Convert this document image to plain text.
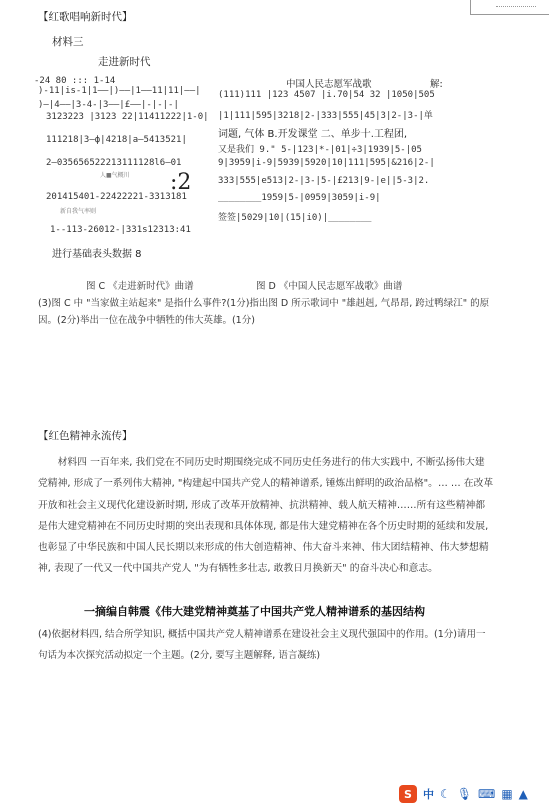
【红歌唱响新时代】
材料三
走进新时代
-24 80 ::: 1-14
)-11|is-1|1——|)——|1——11|11|——|
)—|4——|3-4-|3——|£——|-|-|-|
3123223 |3123 22|11411222|1-0|
111218|3—ф|4218|a—5413521|
2—035656522213111128l6—01
人■气概川 :2
201415401-22422221-3313181
新自我气率则
1--113-26012-|331s12313:41
进行基础表头数据 8
中国人民志愿军战歌	解:
(111)111 |123 4507 |i.70|54 32 |1050|505
|1|111|595|3218|2-|333|555|45|3|2-|3-|单
词题, 气体 B.开发课堂 二、单步十.工程团,
又是我们 9." 5-|123|*-|01|÷3|1939|5-|05
9|3959|i-9|5939|5920|10|111|595|&216|2-|
333|555|e513|2-|3-|5-|£213|9-|e||5-3|2.
________1959|5-|0959|3059|i-9|
签签|5029|10|(15|i0)|________
图 C 《走进新时代》曲谱	图 D 《中国人民志愿军战歌》曲谱
(3)图 C 中 "当家做主站起来" 是指什么事件?(1分)指出图 D 所示歌词中 "雄赳赳, 气昂昂, 跨过鸭绿江" 的原因。(2分)举出一位在战争中牺牲的伟大英雄。(1分)
【红色精神永流传】
材料四 一百年来, 我们党在不同历史时期围绕完成不同历史任务进行的伟大实践中, 不断弘扬伟大建党精神, 形成了一系列伟大精神, "构建起中国共产党人的精神谱系, 锤炼出鲜明的政治品格"。… … 在改革开放和社会主义现代化建设新时期, 形成了改革开放精神、抗洪精神、载人航天精神……所有这些精神都是伟大建党精神在不同历史时期的突出表现和具体体现, 都是伟大建党精神在各个历史时期的延续和发展, 也彰显了中华民族和中国人民长期以来形成的伟大创造精神、伟大奋斗来神、伟大团结精神、伟大梦想精神, 表现了一代又一代中国共产党人 "为有牺牲多壮志, 敢教日月换新天" 的奋斗决心和意志。
一摘编自韩震《伟大建党精神奠基了中国共产党人精神谱系的基因结构
(4)依据材料四, 结合所学知识, 概括中国共产党人精神谱系在建设社会主义现代强国中的作用。(1分)请用一句话为本次探究活动拟定一个主题。(2分, 要写主题解释, 语言凝练)
S	中 ☾ 🎙 ⌨ ▦ ▲
